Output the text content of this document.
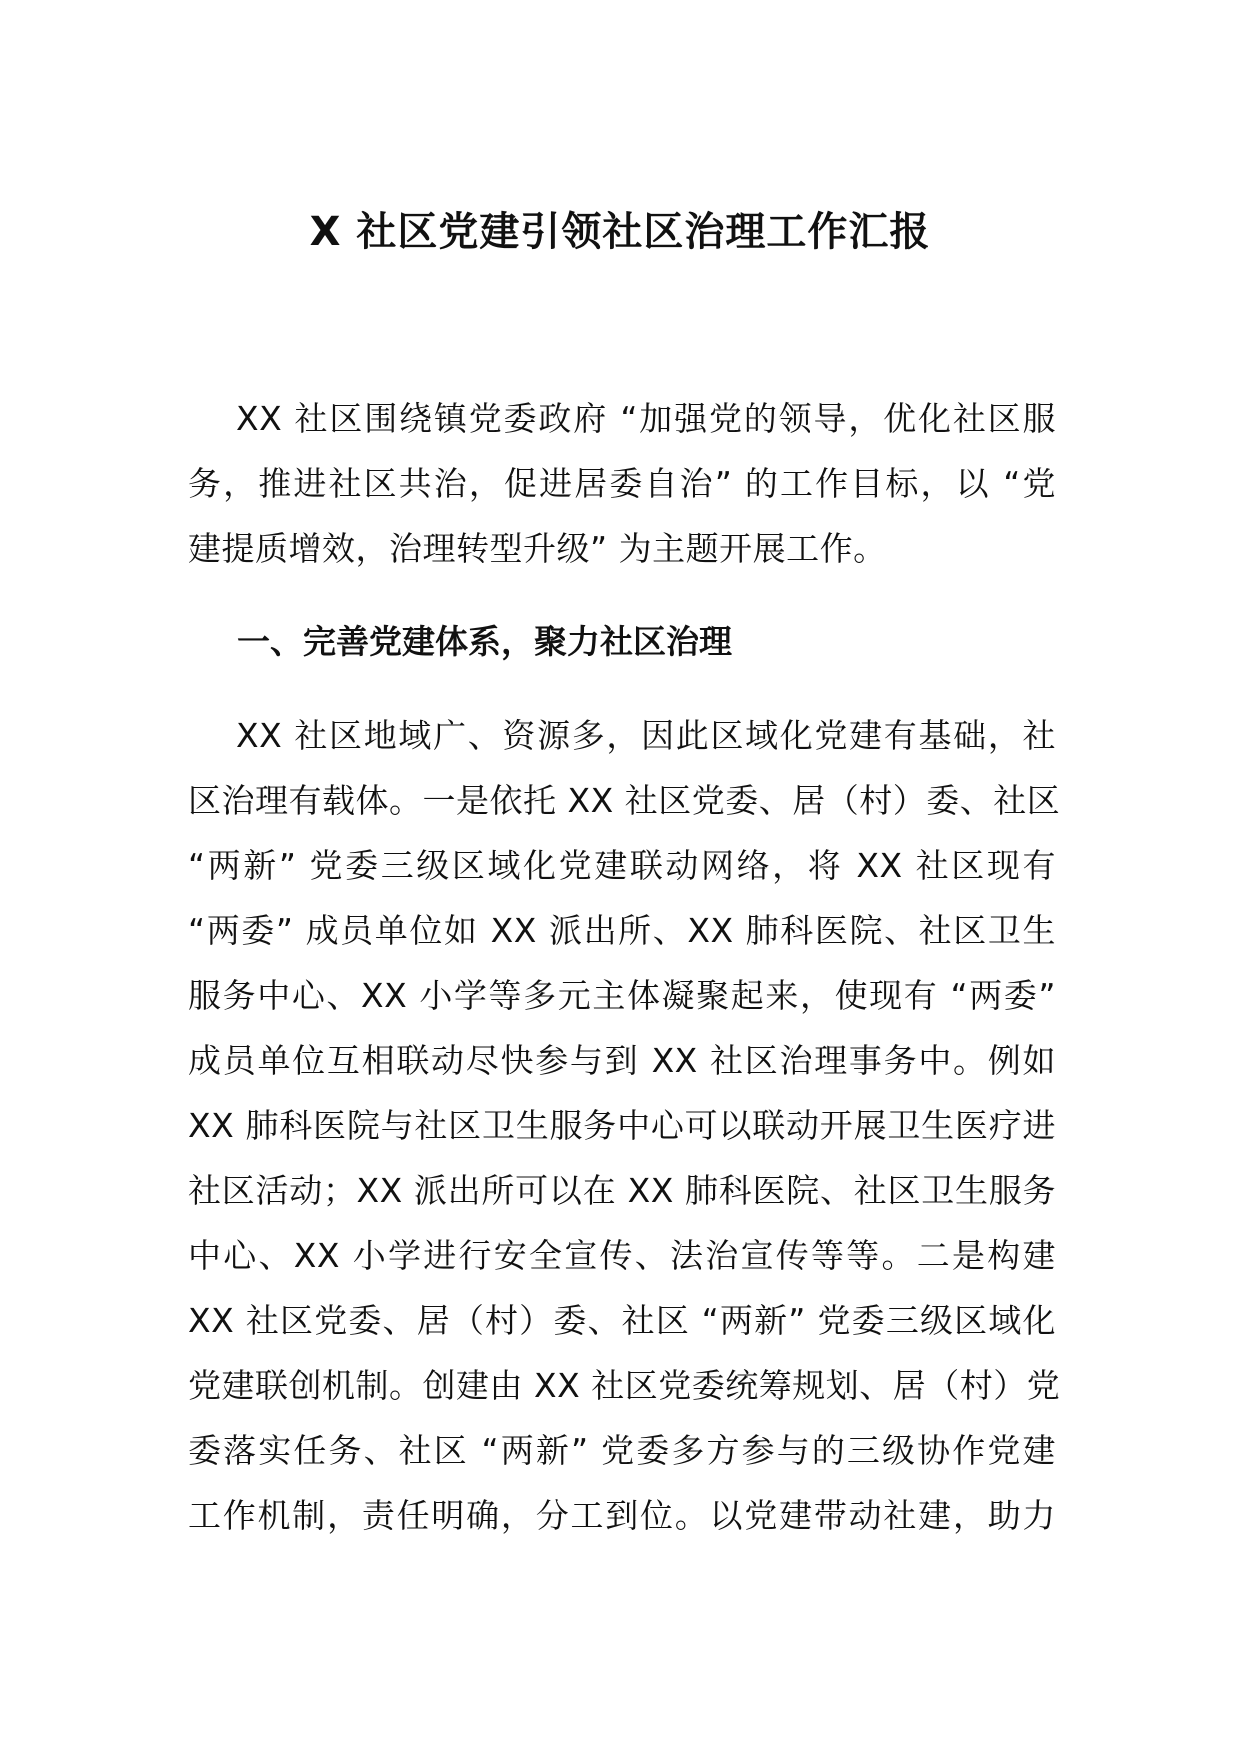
X 社区党建引领社区治理工作汇报
XX 社区围绕镇党委政府 “加强党的领导，优化社区服
务，推进社区共治，促进居委自治” 的工作目标，以 “党
建提质增效，治理转型升级” 为主题开展工作。
一、完善党建体系，聚力社区治理
XX 社区地域广、资源多，因此区域化党建有基础，社
区治理有载体。一是依托 XX 社区党委、居（村）委、社区
“两新” 党委三级区域化党建联动网络，将 XX 社区现有
“两委” 成员单位如 XX 派出所、XX 肺科医院、社区卫生
服务中心、XX 小学等多元主体凝聚起来，使现有 “两委”
成员单位互相联动尽快参与到 XX 社区治理事务中。例如
XX 肺科医院与社区卫生服务中心可以联动开展卫生医疗进
社区活动；XX 派出所可以在 XX 肺科医院、社区卫生服务
中心、XX 小学进行安全宣传、法治宣传等等。二是构建
XX 社区党委、居（村）委、社区 “两新” 党委三级区域化
党建联创机制。创建由 XX 社区党委统筹规划、居（村）党
委落实任务、社区 “两新” 党委多方参与的三级协作党建
工作机制，责任明确，分工到位。以党建带动社建，助力
